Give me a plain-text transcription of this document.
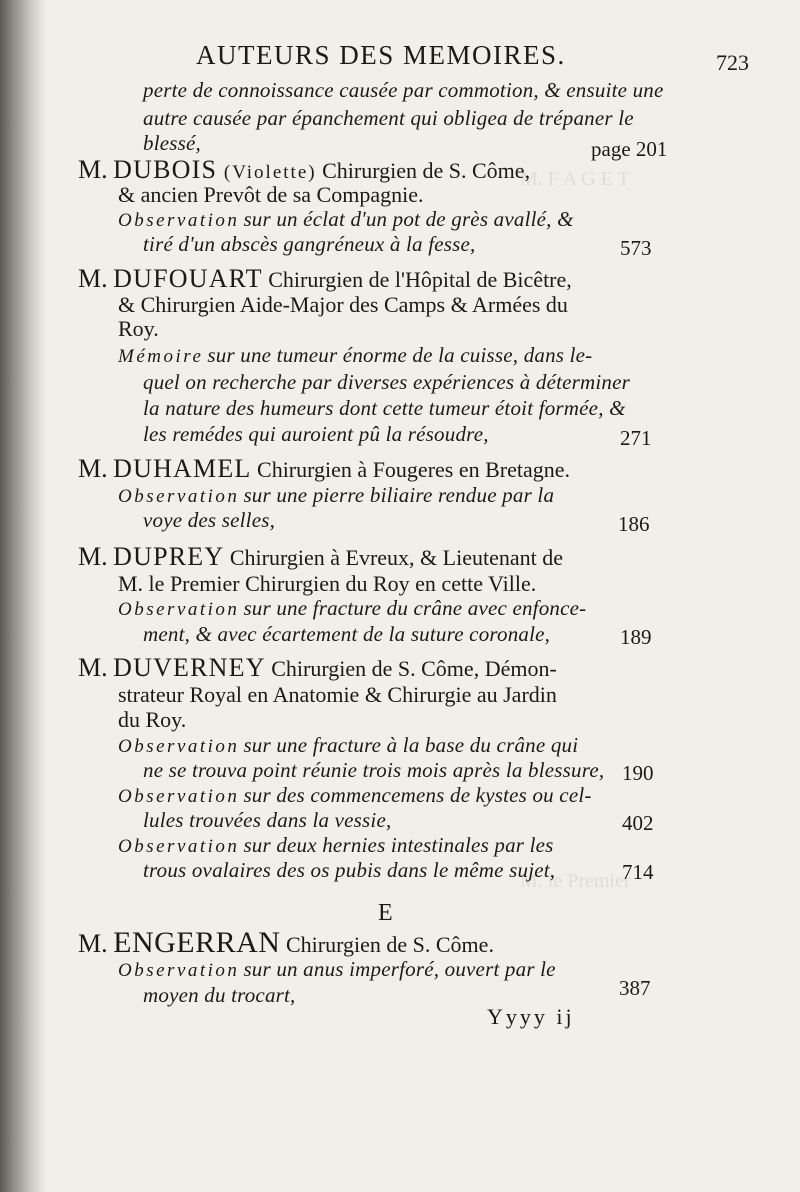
M. F A G E T
M. le Premier
AUTEURS DES MEMOIRES.	723
perte de connoissance causée par commotion, & ensuite une
autre causée par épanchement qui obligea de trépaner le
blessé,	page 201
M. DUBOIS (Violette) Chirurgien de S. Côme,
& ancien Prevôt de sa Compagnie.
Observation sur un éclat d'un pot de grès avallé, &
tiré d'un abscès gangréneux à la fesse,	573
M. DUFOUART Chirurgien de l'Hôpital de Bicêtre,
& Chirurgien Aide-Major des Camps & Armées du
Roy.
Mémoire sur une tumeur énorme de la cuisse, dans le-
quel on recherche par diverses expériences à déterminer
la nature des humeurs dont cette tumeur étoit formée, &
les remédes qui auroient pû la résoudre,	271
M. DUHAMEL Chirurgien à Fougeres en Bretagne.
Observation sur une pierre biliaire rendue par la
voye des selles,	186
M. DUPREY Chirurgien à Evreux, & Lieutenant de
M. le Premier Chirurgien du Roy en cette Ville.
Observation sur une fracture du crâne avec enfonce-
ment, & avec écartement de la suture coronale,	189
M. DUVERNEY Chirurgien de S. Côme, Démon-
strateur Royal en Anatomie & Chirurgie au Jardin
du Roy.
Observation sur une fracture à la base du crâne qui
ne se trouva point réunie trois mois après la blessure, 190
Observation sur des commencemens de kystes ou cel-
lules trouvées dans la vessie,	402
Observation sur deux hernies intestinales par les
trous ovalaires des os pubis dans le même sujet,	714
E
M. ENGERRAN Chirurgien de S. Côme.
Observation sur un anus imperforé, ouvert par le
moyen du trocart,	387
Yyyy ij
